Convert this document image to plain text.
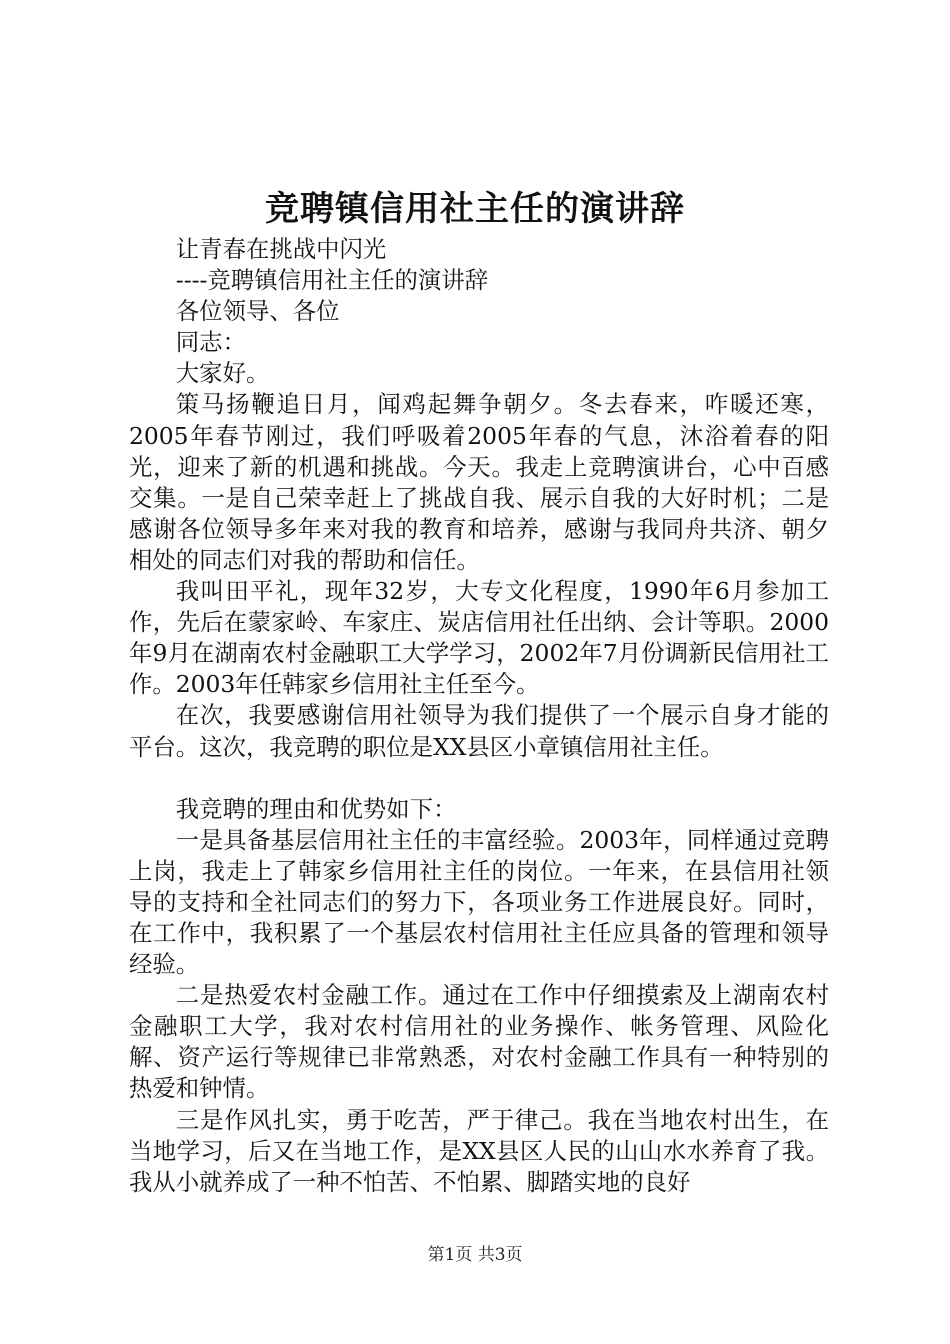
竞聘镇信用社主任的演讲辞

让青春在挑战中闪光

----竞聘镇信用社主任的演讲辞

各位领导、各位

同志：

大家好。

策马扬鞭追日月，闻鸡起舞争朝夕。冬去春来，咋暖还寒，2005年春节刚过，我们呼吸着2005年春的气息，沐浴着春的阳光，迎来了新的机遇和挑战。今天。我走上竞聘演讲台，心中百感交集。一是自己荣幸赶上了挑战自我、展示自我的大好时机；二是感谢各位领导多年来对我的教育和培养，感谢与我同舟共济、朝夕相处的同志们对我的帮助和信任。

我叫田平礼，现年32岁，大专文化程度，1990年6月参加工作，先后在蒙家岭、车家庄、炭店信用社任出纳、会计等职。2000年9月在湖南农村金融职工大学学习，2002年7月份调新民信用社工作。2003年任韩家乡信用社主任至今。

在次，我要感谢信用社领导为我们提供了一个展示自身才能的平台。这次，我竞聘的职位是XX县区小章镇信用社主任。

我竞聘的理由和优势如下：

一是具备基层信用社主任的丰富经验。2003年，同样通过竞聘上岗，我走上了韩家乡信用社主任的岗位。一年来，在县信用社领导的支持和全社同志们的努力下，各项业务工作进展良好。同时，在工作中，我积累了一个基层农村信用社主任应具备的管理和领导经验。

二是热爱农村金融工作。通过在工作中仔细摸索及上湖南农村金融职工大学，我对农村信用社的业务操作、帐务管理、风险化解、资产运行等规律已非常熟悉，对农村金融工作具有一种特别的热爱和钟情。

三是作风扎实，勇于吃苦，严于律己。我在当地农村出生，在当地学习，后又在当地工作，是XX县区人民的山山水水养育了我。我从小就养成了一种不怕苦、不怕累、脚踏实地的良好

第1页 共3页
